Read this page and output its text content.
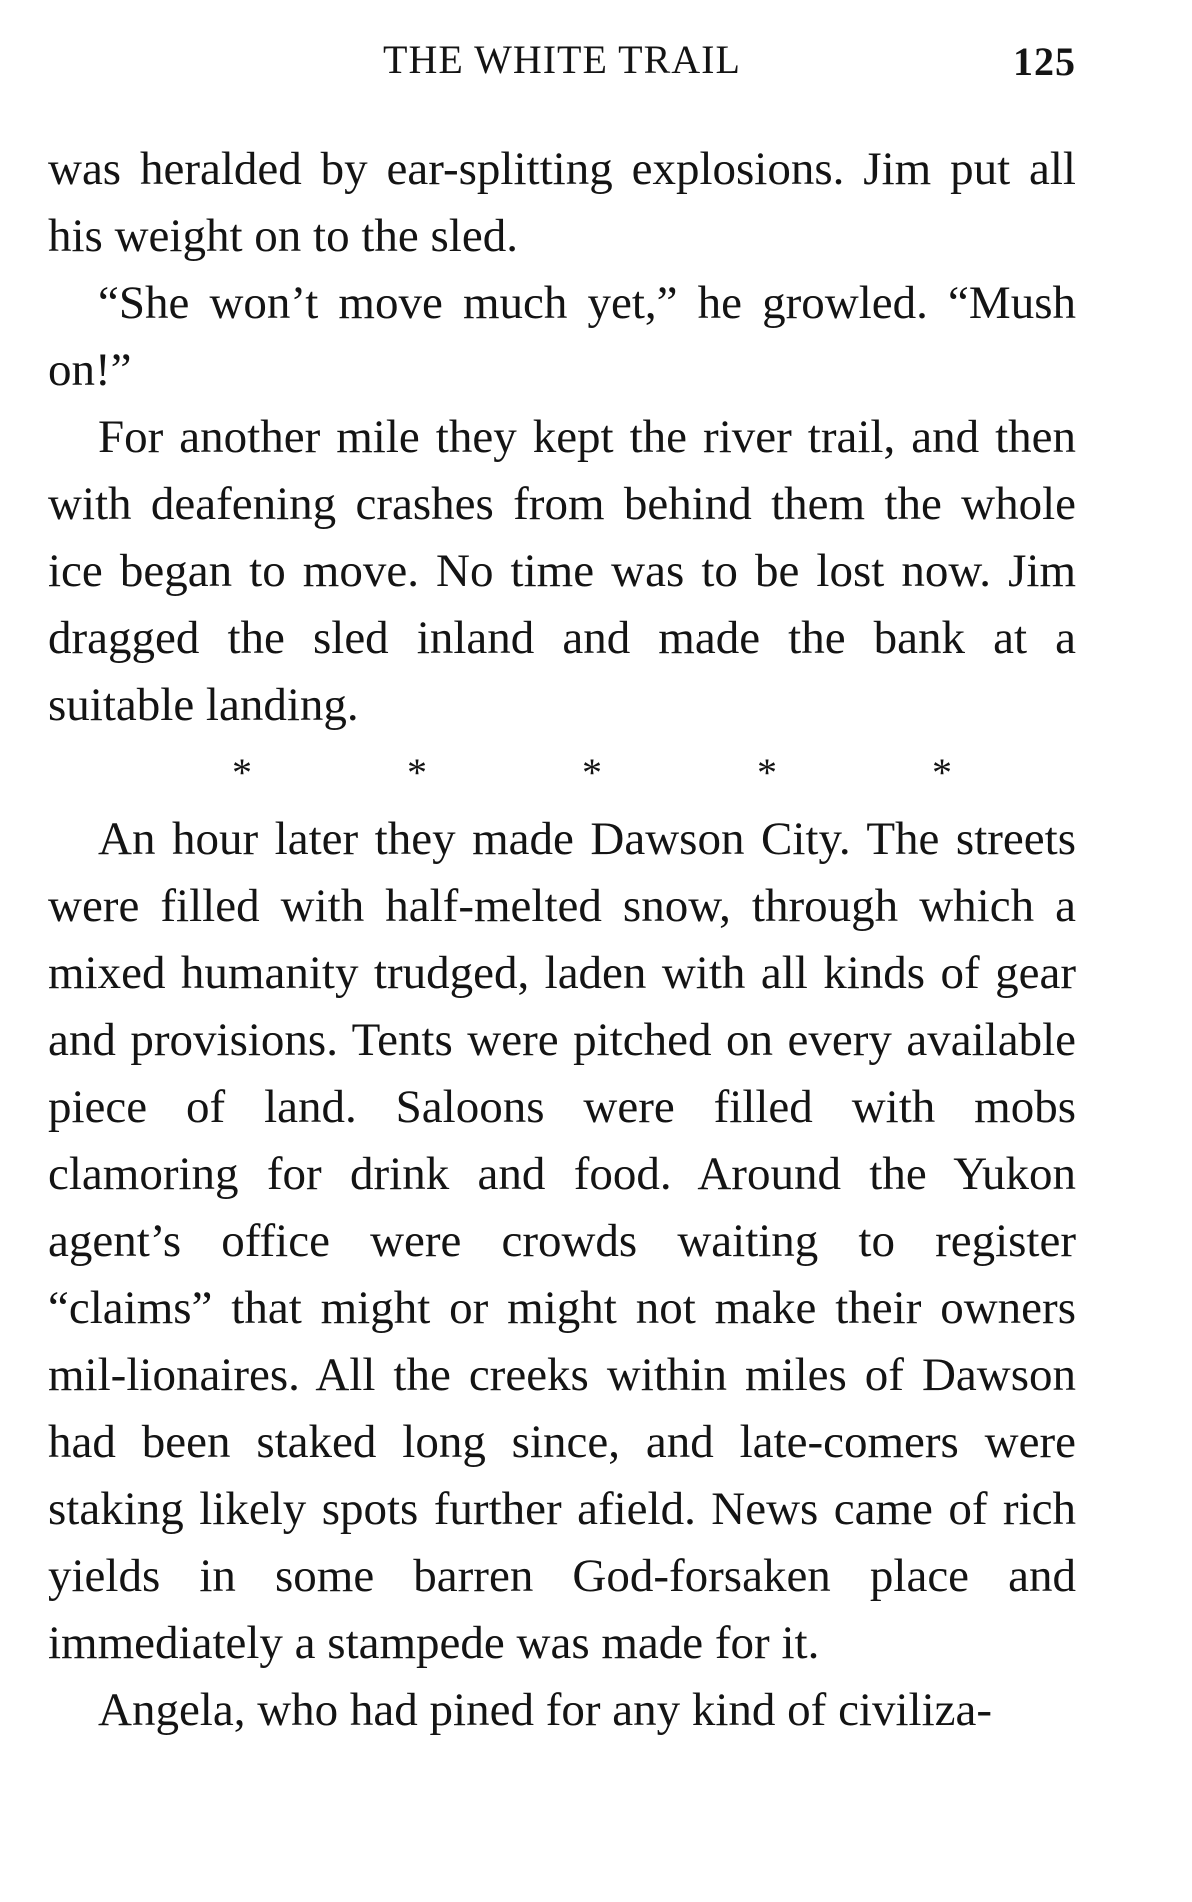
THE WHITE TRAIL	125

was heralded by ear-splitting explosions. Jim put all his weight on to the sled.

“She won’t move much yet,” he growled. “Mush on!”

For another mile they kept the river trail, and then with deafening crashes from behind them the whole ice began to move. No time was to be lost now. Jim dragged the sled inland and made the bank at a suitable landing.

*	*	*	*	*

An hour later they made Dawson City. The streets were filled with half-melted snow, through which a mixed humanity trudged, laden with all kinds of gear and provisions. Tents were pitched on every available piece of land. Saloons were filled with mobs clamoring for drink and food. Around the Yukon agent’s office were crowds waiting to register “claims” that might or might not make their owners mil-lionaires. All the creeks within miles of Dawson had been staked long since, and late-comers were staking likely spots further afield. News came of rich yields in some barren God-forsaken place and immediately a stampede was made for it.

Angela, who had pined for any kind of civiliza-
